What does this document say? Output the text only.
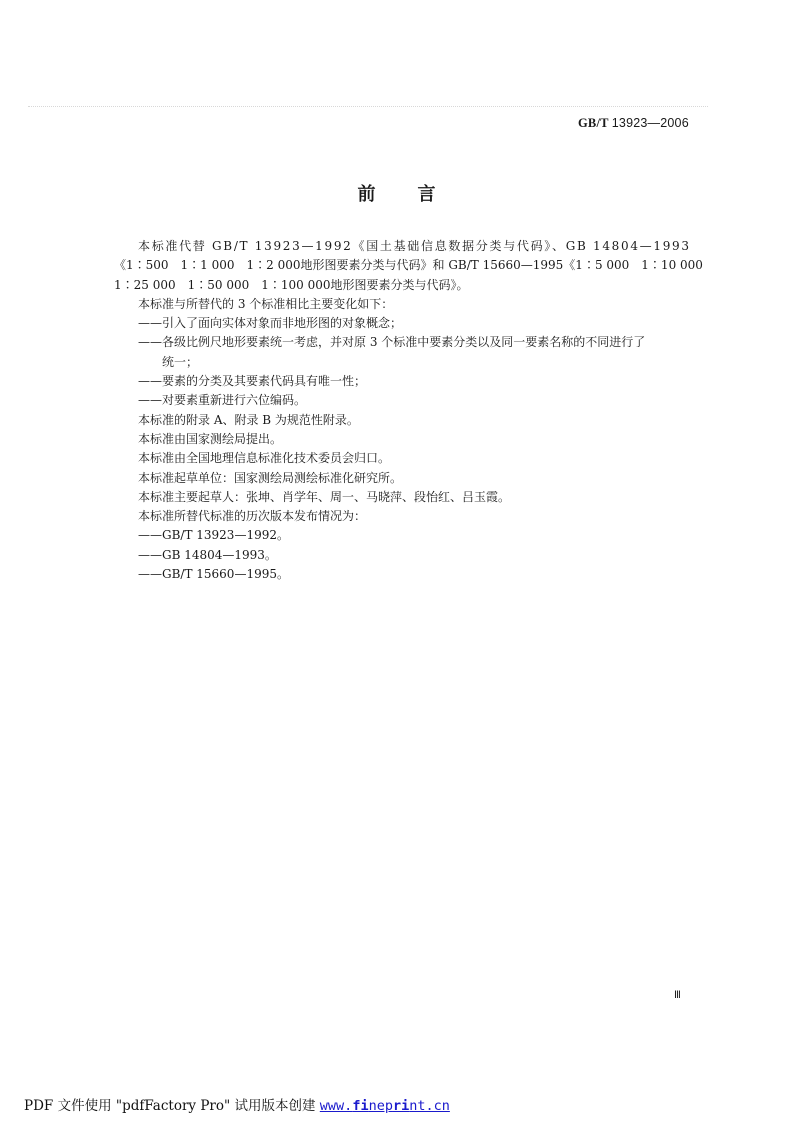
GB/T 13923—2006
前 言

本标准代替 GB/T 13923—1992《国土基础信息数据分类与代码》、GB 14804—1993

《1∶500　1∶1 000　1∶2 000地形图要素分类与代码》和 GB/T 15660—1995《1∶5 000　1∶10 000

1∶25 000　1∶50 000　1∶100 000地形图要素分类与代码》。

本标准与所替代的 3 个标准相比主要变化如下：

——引入了面向实体对象而非地形图的对象概念；

——各级比例尺地形要素统一考虑，并对原 3 个标准中要素分类以及同一要素名称的不同进行了

统一；

——要素的分类及其要素代码具有唯一性；

——对要素重新进行六位编码。

本标准的附录 A、附录 B 为规范性附录。

本标准由国家测绘局提出。

本标准由全国地理信息标准化技术委员会归口。

本标准起草单位：国家测绘局测绘标准化研究所。

本标准主要起草人：张坤、肖学年、周一、马晓萍、段怡红、吕玉霞。

本标准所替代标准的历次版本发布情况为：

——GB/T 13923—1992。

——GB 14804—1993。

——GB/T 15660—1995。

Ⅲ
PDF 文件使用 "pdfFactory Pro" 试用版本创建 www.fineprint.cn
